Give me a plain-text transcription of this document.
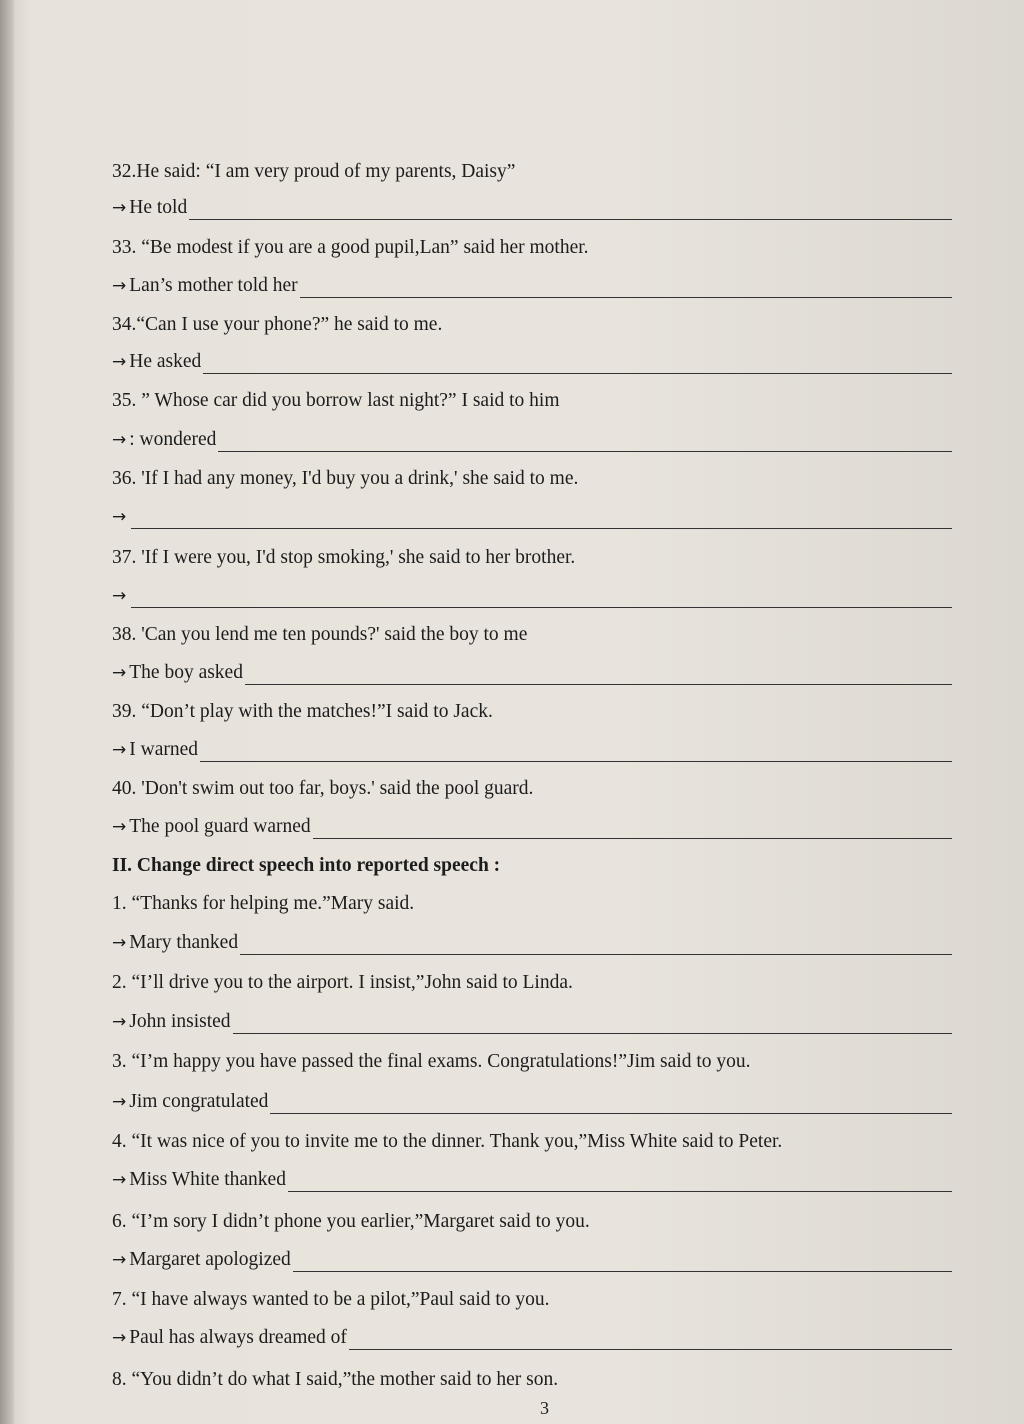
32.He said: “I am very proud of my parents, Daisy”
→ He told
33. “Be modest if you are a good pupil,Lan” said her mother.
→ Lan’s mother told her
34.“Can I use your phone?” he said to me.
→ He asked
35. ” Whose car did you borrow last night?” I said to him
→ : wondered
36. 'If I had any money, I'd buy you a drink,' she said to me.
→
37. 'If I were you, I'd stop smoking,' she said to her brother.
→
38. 'Can you lend me ten pounds?' said the boy to me
→ The boy asked
39. “Don’t play with the matches!”I said to Jack.
→ I warned
40. 'Don't swim out too far, boys.' said the pool guard.
→ The pool guard warned
II. Change direct speech into reported speech :
1. “Thanks for helping me.”Mary said.
→ Mary thanked
2. “I’ll drive you to the airport. I insist,”John said to Linda.
→ John insisted
3. “I’m happy you have passed the final exams. Congratulations!”Jim said to you.
→ Jim congratulated
4. “It was nice of you to invite me to the dinner. Thank you,”Miss White said to Peter.
→ Miss White thanked
6. “I’m sory I didn’t phone you earlier,”Margaret said to you.
→ Margaret apologized
7. “I have always wanted to be a pilot,”Paul said to you.
→ Paul has always dreamed of
8. “You didn’t do what I said,”the mother said to her son.
3
